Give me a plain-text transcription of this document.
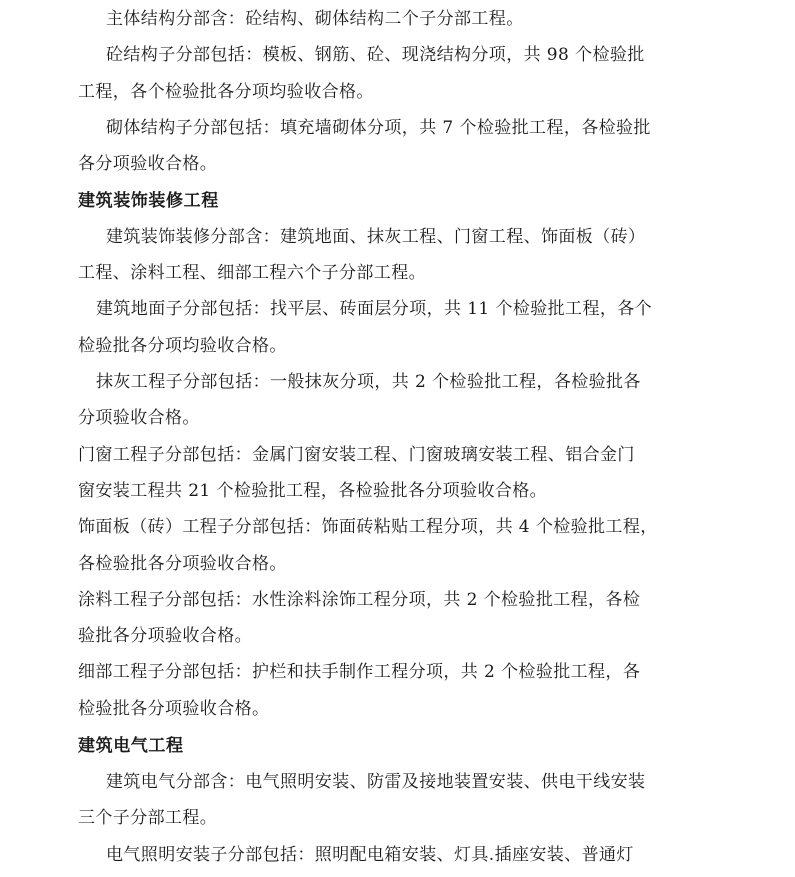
主体结构分部含：砼结构、砌体结构二个子分部工程。
砼结构子分部包括：模板、钢筋、砼、现浇结构分项，共 98 个检验批
工程，各个检验批各分项均验收合格。
砌体结构子分部包括：填充墙砌体分项，共 7 个检验批工程，各检验批
各分项验收合格。
建筑装饰装修工程
建筑装饰装修分部含：建筑地面、抹灰工程、门窗工程、饰面板（砖）
工程、涂料工程、细部工程六个子分部工程。
建筑地面子分部包括：找平层、砖面层分项，共 11 个检验批工程，各个
检验批各分项均验收合格。
抹灰工程子分部包括：一般抹灰分项，共 2 个检验批工程，各检验批各
分项验收合格。
门窗工程子分部包括：金属门窗安装工程、门窗玻璃安装工程、铝合金门
窗安装工程共 21 个检验批工程，各检验批各分项验收合格。
饰面板（砖）工程子分部包括：饰面砖粘贴工程分项，共 4 个检验批工程，
各检验批各分项验收合格。
涂料工程子分部包括：水性涂料涂饰工程分项，共 2 个检验批工程，各检
验批各分项验收合格。
细部工程子分部包括：护栏和扶手制作工程分项，共 2 个检验批工程，各
检验批各分项验收合格。
建筑电气工程
建筑电气分部含：电气照明安装、防雷及接地装置安装、供电干线安装
三个子分部工程。
电气照明安装子分部包括：照明配电箱安装、灯具.插座安装、普通灯
